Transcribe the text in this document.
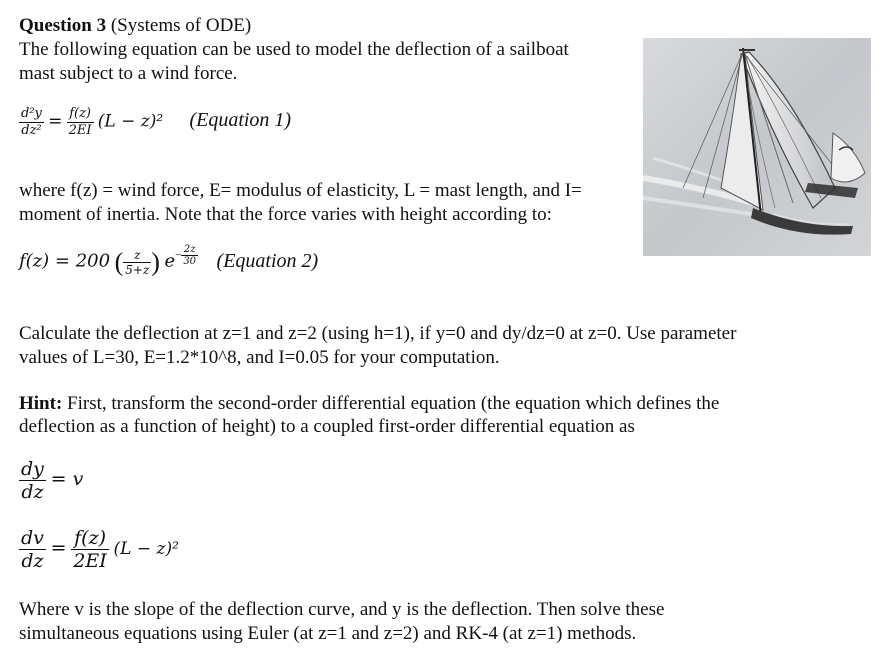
Question 3 (Systems of ODE)
The following equation can be used to model the deflection of a sailboat
mast subject to a wind force.
$\frac{\text{d²y}}{\text{dz²}} = \frac{f(z)}{2EI} (L - z)^2$ (Equation 1)
where f(z) = wind force, E= modulus of elasticity, L = mast length, and I=
moment of inertia. Note that the force varies with height according to:
f(z) = 200 ( $\frac{z}{5+z}$ ) $e^{- \frac{2z}{30}}$ (Equation 2)
Calculate the deflection at z=1 and z=2 (using h=1), if y=0 and dy/dz=0 at z=0. Use parameter
values of L=30, E=1.2*10^8, and I=0.05 for your computation.
Hint: First, transform the second-order differential equation (the equation which defines the
deflection as a function of height) to a coupled first-order differential equation as
$\frac{dy}{dz} = v$
$\frac{dv}{dz} = \frac{f(z)}{2EI} (L - z)^2$
Where v is the slope of the deflection curve, and y is the deflection. Then solve these
simultaneous equations using Euler (at z=1 and z=2) and RK-4 (at z=1) methods.
